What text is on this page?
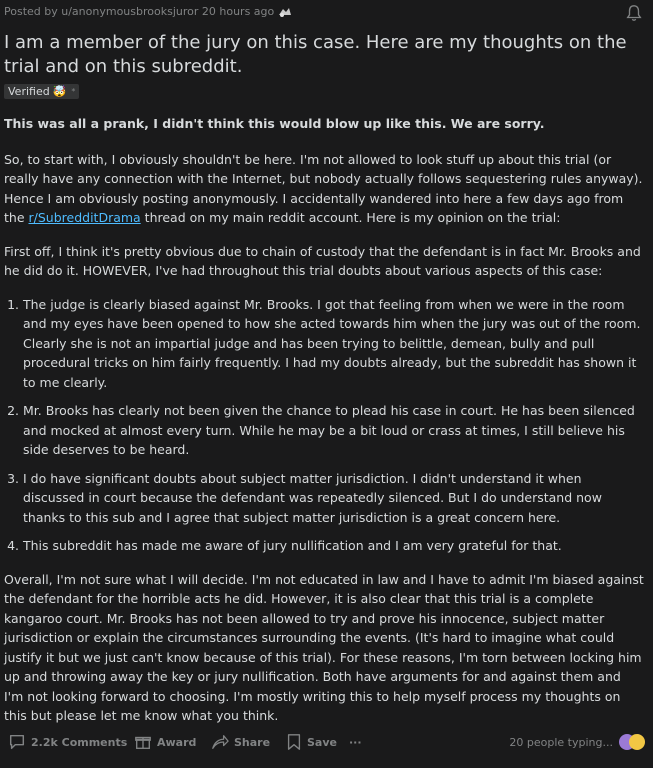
Posted by u/anonymousbrooksjuror 20 hours ago
I am a member of the jury on this case. Here are my thoughts on the trial and on this subreddit.
Verified 🤯 *

This was all a prank, I didn't think this would blow up like this. We are sorry.

So, to start with, I obviously shouldn't be here. I'm not allowed to look stuff up about this trial (or really have any connection with the Internet, but nobody actually follows sequestering rules anyway). Hence I am obviously posting anonymously. I accidentally wandered into here a few days ago from the r/SubredditDrama thread on my main reddit account. Here is my opinion on the trial:

First off, I think it's pretty obvious due to chain of custody that the defendant is in fact Mr. Brooks and he did do it. HOWEVER, I've had throughout this trial doubts about various aspects of this case:

1. The judge is clearly biased against Mr. Brooks. I got that feeling from when we were in the room and my eyes have been opened to how she acted towards him when the jury was out of the room. Clearly she is not an impartial judge and has been trying to belittle, demean, bully and pull procedural tricks on him fairly frequently. I had my doubts already, but the subreddit has shown it to me clearly.
2. Mr. Brooks has clearly not been given the chance to plead his case in court. He has been silenced and mocked at almost every turn. While he may be a bit loud or crass at times, I still believe his side deserves to be heard.
3. I do have significant doubts about subject matter jurisdiction. I didn't understand it when discussed in court because the defendant was repeatedly silenced. But I do understand now thanks to this sub and I agree that subject matter jurisdiction is a great concern here.
4. This subreddit has made me aware of jury nullification and I am very grateful for that.

Overall, I'm not sure what I will decide. I'm not educated in law and I have to admit I'm biased against the defendant for the horrible acts he did. However, it is also clear that this trial is a complete kangaroo court. Mr. Brooks has not been allowed to try and prove his innocence, subject matter jurisdiction or explain the circumstances surrounding the events. (It's hard to imagine what could justify it but we just can't know because of this trial). For these reasons, I'm torn between locking him up and throwing away the key or jury nullification. Both have arguments for and against them and I'm not looking forward to choosing. I'm mostly writing this to help myself process my thoughts on this but please let me know what you think.

2.2k Comments	Award	Share	Save ···	20 people typing...
